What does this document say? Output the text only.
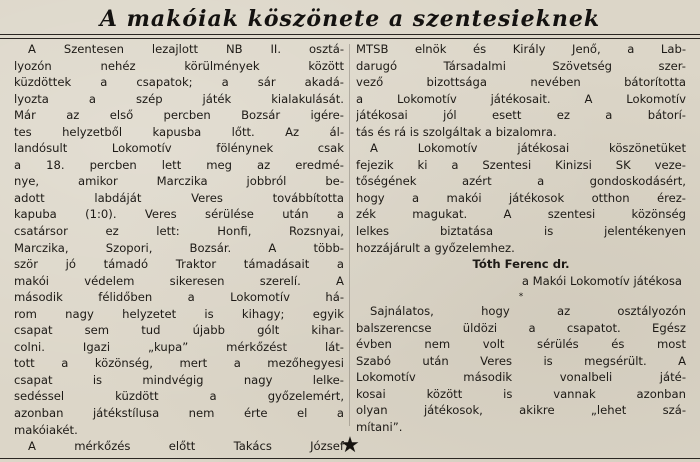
A makóiak köszönete a szentesieknek
A Szentesen lezajlott NB II. osztá-
lyozón nehéz körülmények között
küzdöttek a csapatok; a sár akadá-
lyozta a szép játék kialakulását.
Már az első percben Bozsár igére-
tes helyzetből kapusba lőtt. Az ál-
landósult Lokomotív fölénynek csak
a 18. percben lett meg az eredmé-
nye, amikor Marczika jobbról be-
adott labdáját Veres továbbította
kapuba (1:0). Veres sérülése után a
csatársor ez lett: Honfi, Rozsnyai,
Marczika, Szopori, Bozsár. A több-
ször jó támadó Traktor támadásait a
makói védelem sikeresen szerelí. A
második félidőben a Lokomotív há-
rom nagy helyzetet is kihagy; egyik
csapat sem tud újabb gólt kihar-
colni. Igazi „kupa” mérkőzést lát-
tott a közönség, mert a mezőhegyesi
csapat is mindvégig nagy lelke-
sedéssel küzdött a győzelemért,
azonban játékstílusa nem érte el a
makóiakét.
A mérkőzés előtt Takács József
MTSB elnök és Király Jenő, a Lab-
darugó Társadalmi Szövetség szer-
vező bizottsága nevében bátorította
a Lokomotív játékosait. A Lokomotív
játékosai jól esett ez a bátorí-
tás és rá is szolgáltak a bizalomra.
A Lokomotív játékosai köszönetüket
fejezik ki a Szentesi Kinizsi SK veze-
tőségének azért a gondoskodásért,
hogy a makói játékosok otthon érez-
zék magukat. A szentesi közönség
lelkes biztatása is jelentékenyen
hozzájárult a győzelemhez.
Tóth Ferenc dr.
a Makói Lokomotív játékosa
*
Sajnálatos, hogy az osztályozón
balszerencse üldözi a csapatot. Egész
évben nem volt sérülés és most
Szabó után Veres is megsérült. A
Lokomotív második vonalbeli játé-
kosai között is vannak azonban
olyan játékosok, akikre „lehet szá-
mítani”.
★
